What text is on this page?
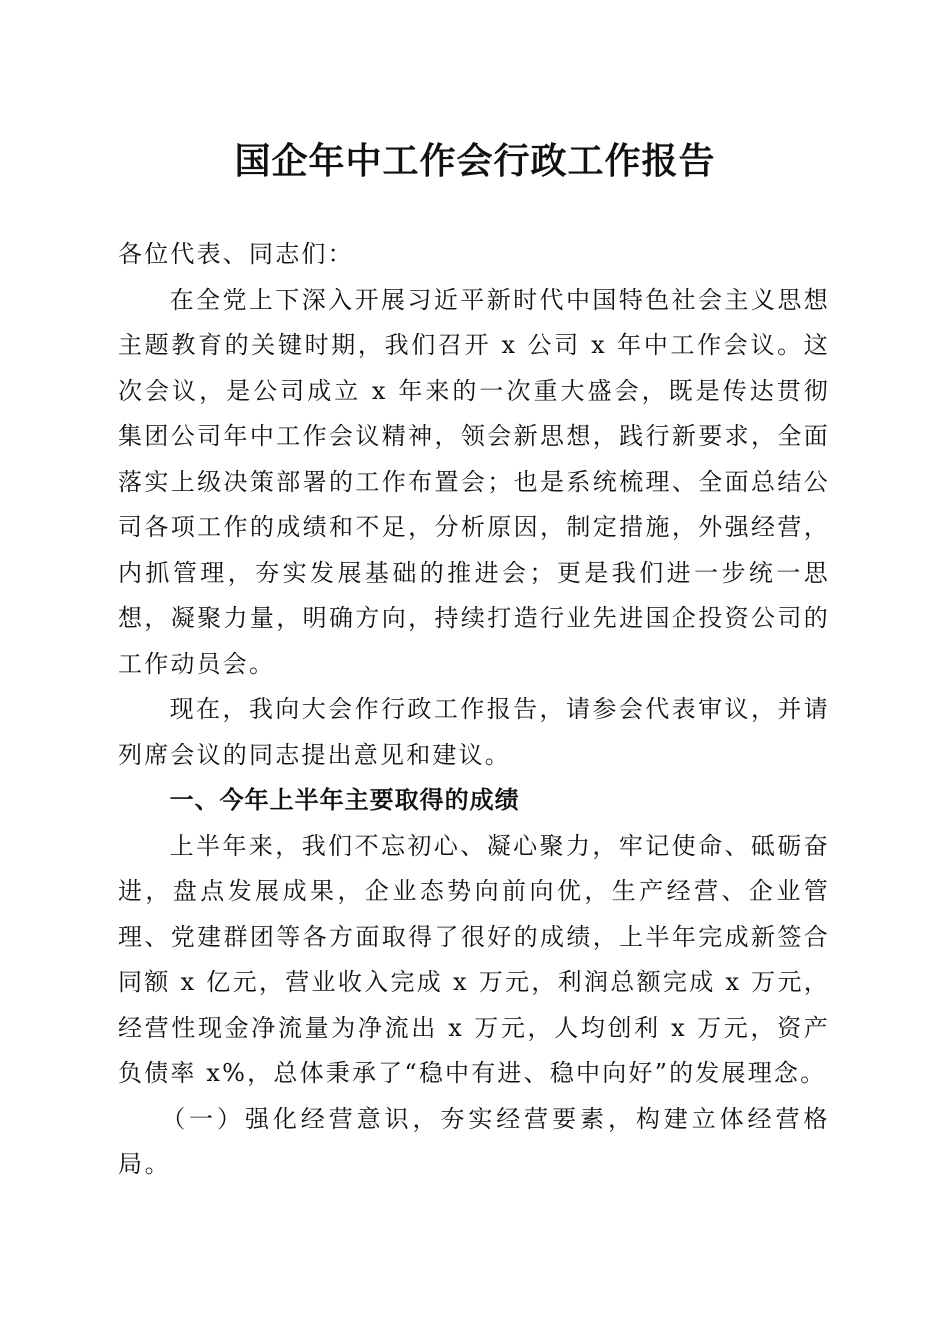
国企年中工作会行政工作报告

各位代表、同志们：

在全党上下深入开展习近平新时代中国特色社会主义思想主题教育的关键时期，我们召开 x 公司 x 年中工作会议。这次会议，是公司成立 x 年来的一次重大盛会，既是传达贯彻集团公司年中工作会议精神，领会新思想，践行新要求，全面落实上级决策部署的工作布置会；也是系统梳理、全面总结公司各项工作的成绩和不足，分析原因，制定措施，外强经营，内抓管理，夯实发展基础的推进会；更是我们进一步统一思想，凝聚力量，明确方向，持续打造行业先进国企投资公司的工作动员会。

现在，我向大会作行政工作报告，请参会代表审议，并请列席会议的同志提出意见和建议。

一、今年上半年主要取得的成绩

上半年来，我们不忘初心、凝心聚力，牢记使命、砥砺奋进，盘点发展成果，企业态势向前向优，生产经营、企业管理、党建群团等各方面取得了很好的成绩，上半年完成新签合同额 x 亿元，营业收入完成 x 万元，利润总额完成 x 万元，经营性现金净流量为净流出 x 万元，人均创利 x 万元，资产负债率 x%，总体秉承了“稳中有进、稳中向好”的发展理念。

（一）强化经营意识，夯实经营要素，构建立体经营格局。
